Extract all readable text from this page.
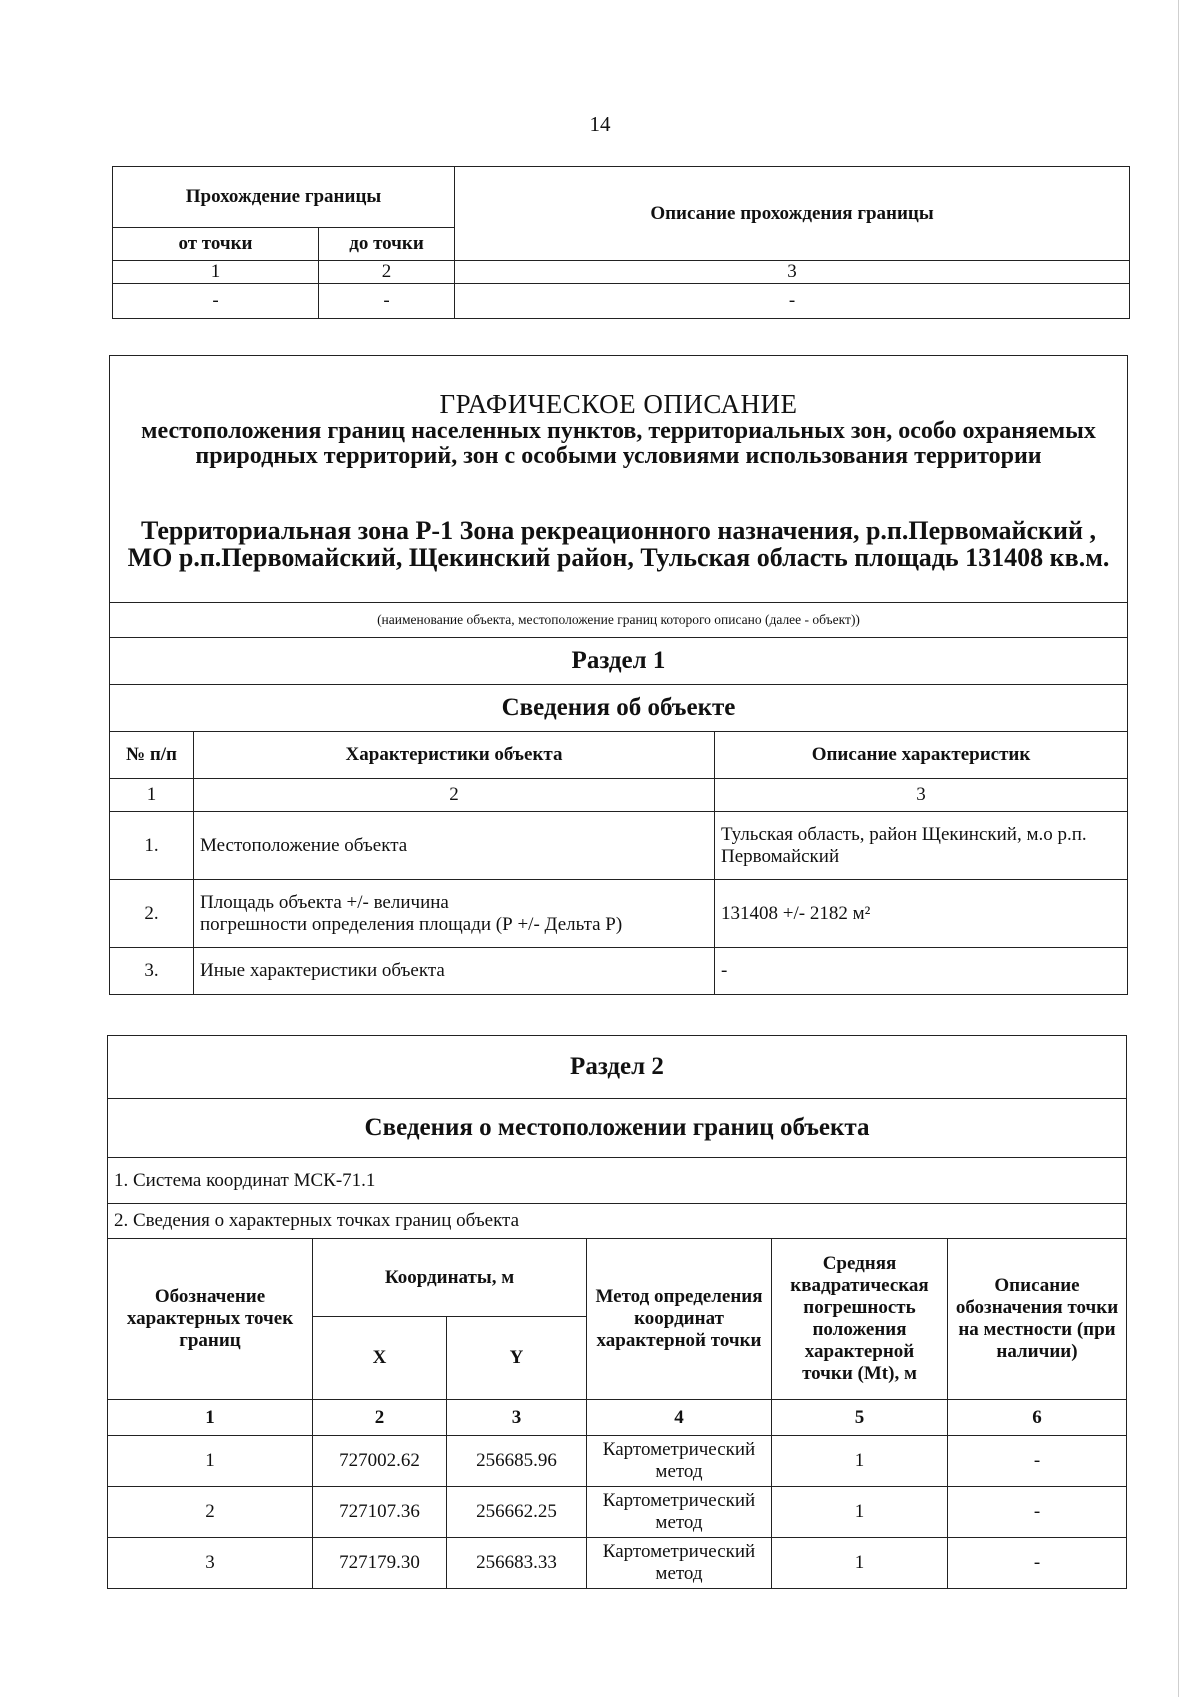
14
Прохождение границы		Описание прохождения границы
от точки	до точки	
1	2	3
-	-	-
ГРАФИЧЕСКОЕ ОПИСАНИЕ
местоположения границ населенных пунктов, территориальных зон, особо охраняемых природных территорий, зон с особыми условиями использования территории
Территориальная зона Р-1 Зона рекреационного назначения, р.п.Первомайский , МО р.п.Первомайский, Щекинский район, Тульская область площадь 131408 кв.м.		

(наименование объекта, местоположение границ которого описано (далее - объект))		
Раздел 1		
Сведения об объекте		
№ п/п	Характеристики объекта	Описание характеристик
1	2	3
1.	Местоположение объекта	Тульская область, район Щекинский, м.о р.п. Первомайский
2.	Площадь объекта +/- величина
погрешности определения площади (Р +/- Дельта Р)	131408 +/- 2182 м²
3.	Иные характеристики объекта	-
Раздел 2					
Сведения о местоположении границ объекта					
1. Система координат МСК-71.1					
2. Сведения о характерных точках границ объекта					
Обозначение характерных точек границ	Координаты, м		Метод определения координат характерной точки	Средняя квадратическая погрешность положения характерной точки (Mt), м	Описание обозначения точки на местности (при наличии)
	X	Y			
1	2	3	4	5	6
1	727002.62	256685.96	Картометрический метод	1	-
2	727107.36	256662.25	Картометрический метод	1	-
3	727179.30	256683.33	Картометрический метод	1	-
